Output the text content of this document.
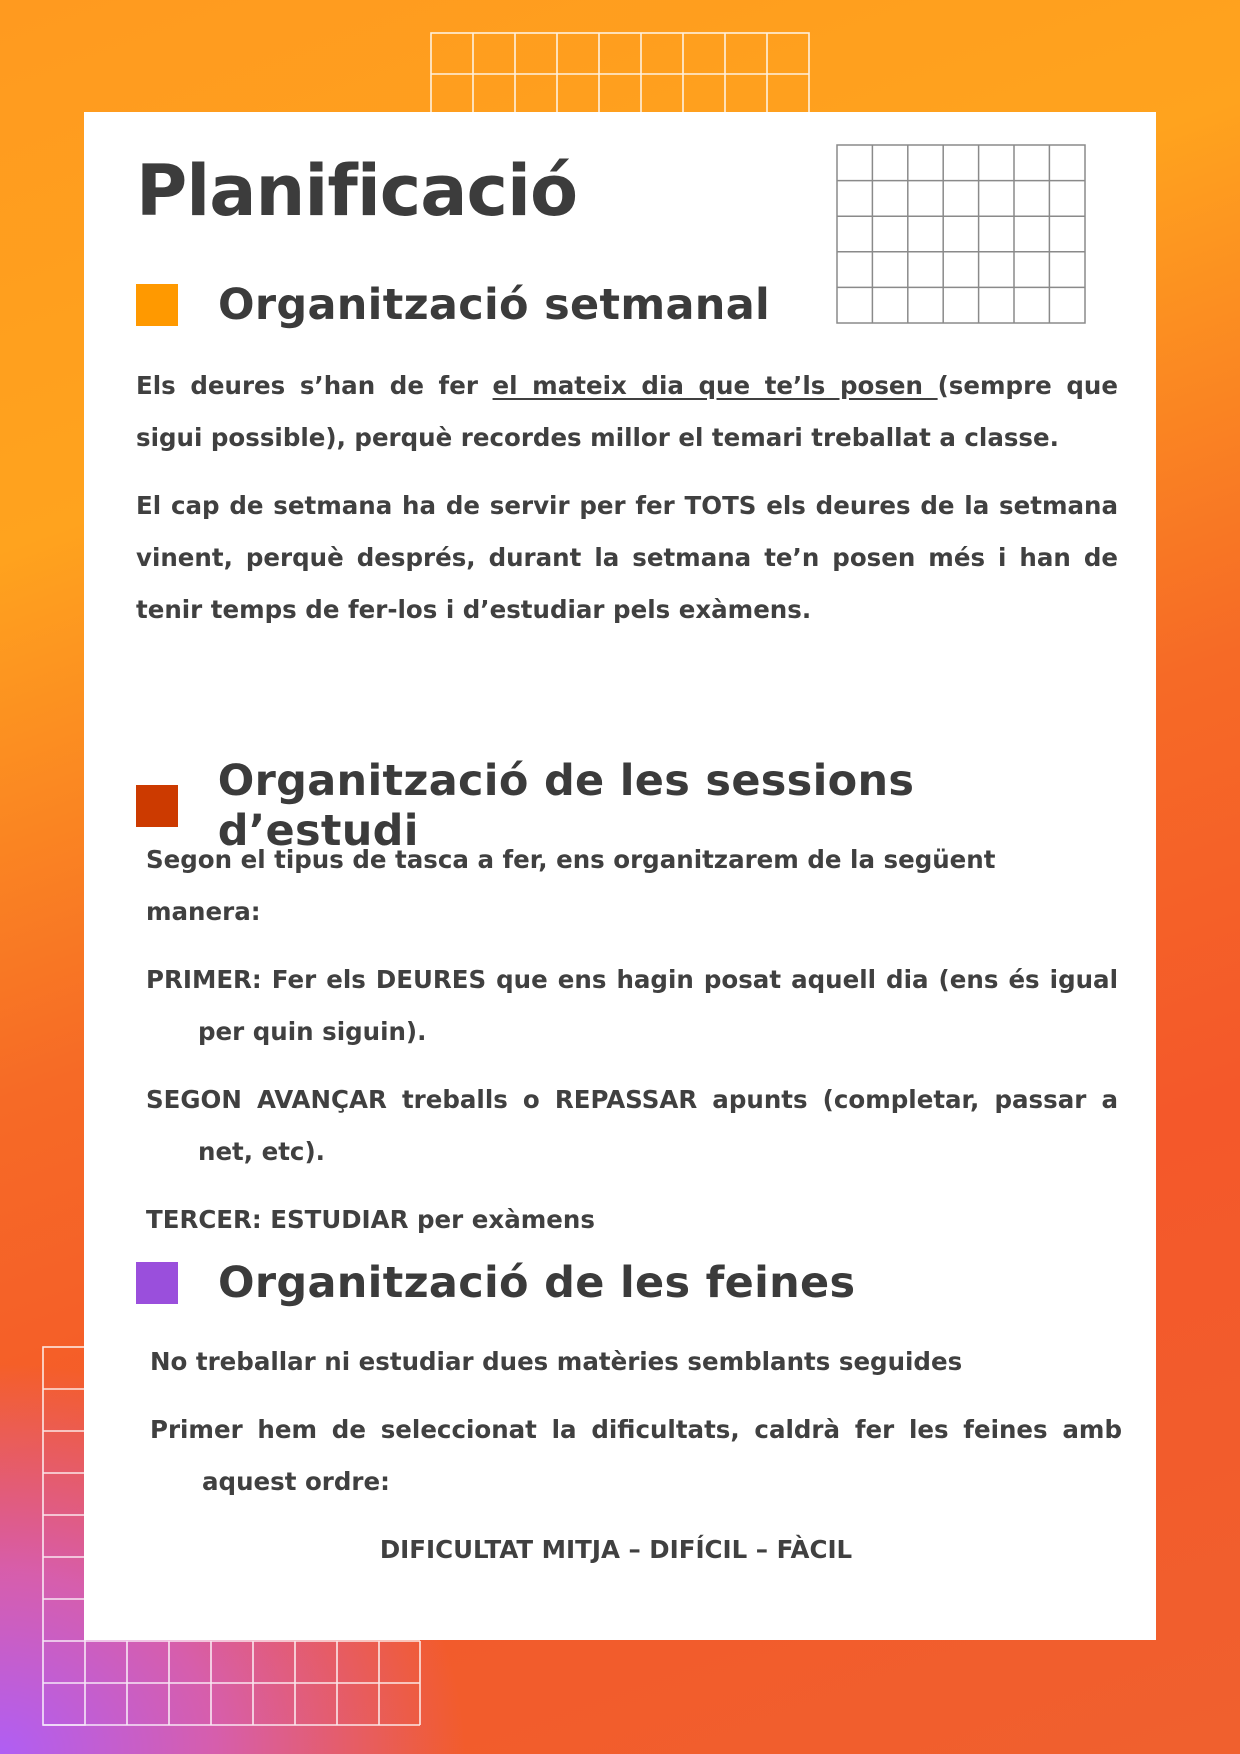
Planificació
Organització setmanal

Els deures s’han de fer el mateix dia que te’ls posen (sempre que sigui possible), perquè recordes millor el temari treballat a classe.

El cap de setmana ha de servir per fer TOTS els deures de la setmana vinent, perquè després, durant la setmana te’n posen més i han de tenir temps de fer-los i d’estudiar pels exàmens.

Organització de les sessions d’estudi

Segon el tipus de tasca a fer, ens organitzarem de la següent manera:

PRIMER: Fer els DEURES que ens hagin posat aquell dia (ens és igual per quin siguin).

SEGON AVANÇAR treballs o REPASSAR apunts (completar, passar a net, etc).

TERCER: ESTUDIAR per exàmens

Organització de les feines

No treballar ni estudiar dues matèries semblants seguides

Primer hem de seleccionat la dificultats, caldrà fer les feines amb aquest ordre:

DIFICULTAT MITJA – DIFÍCIL – FÀCIL
